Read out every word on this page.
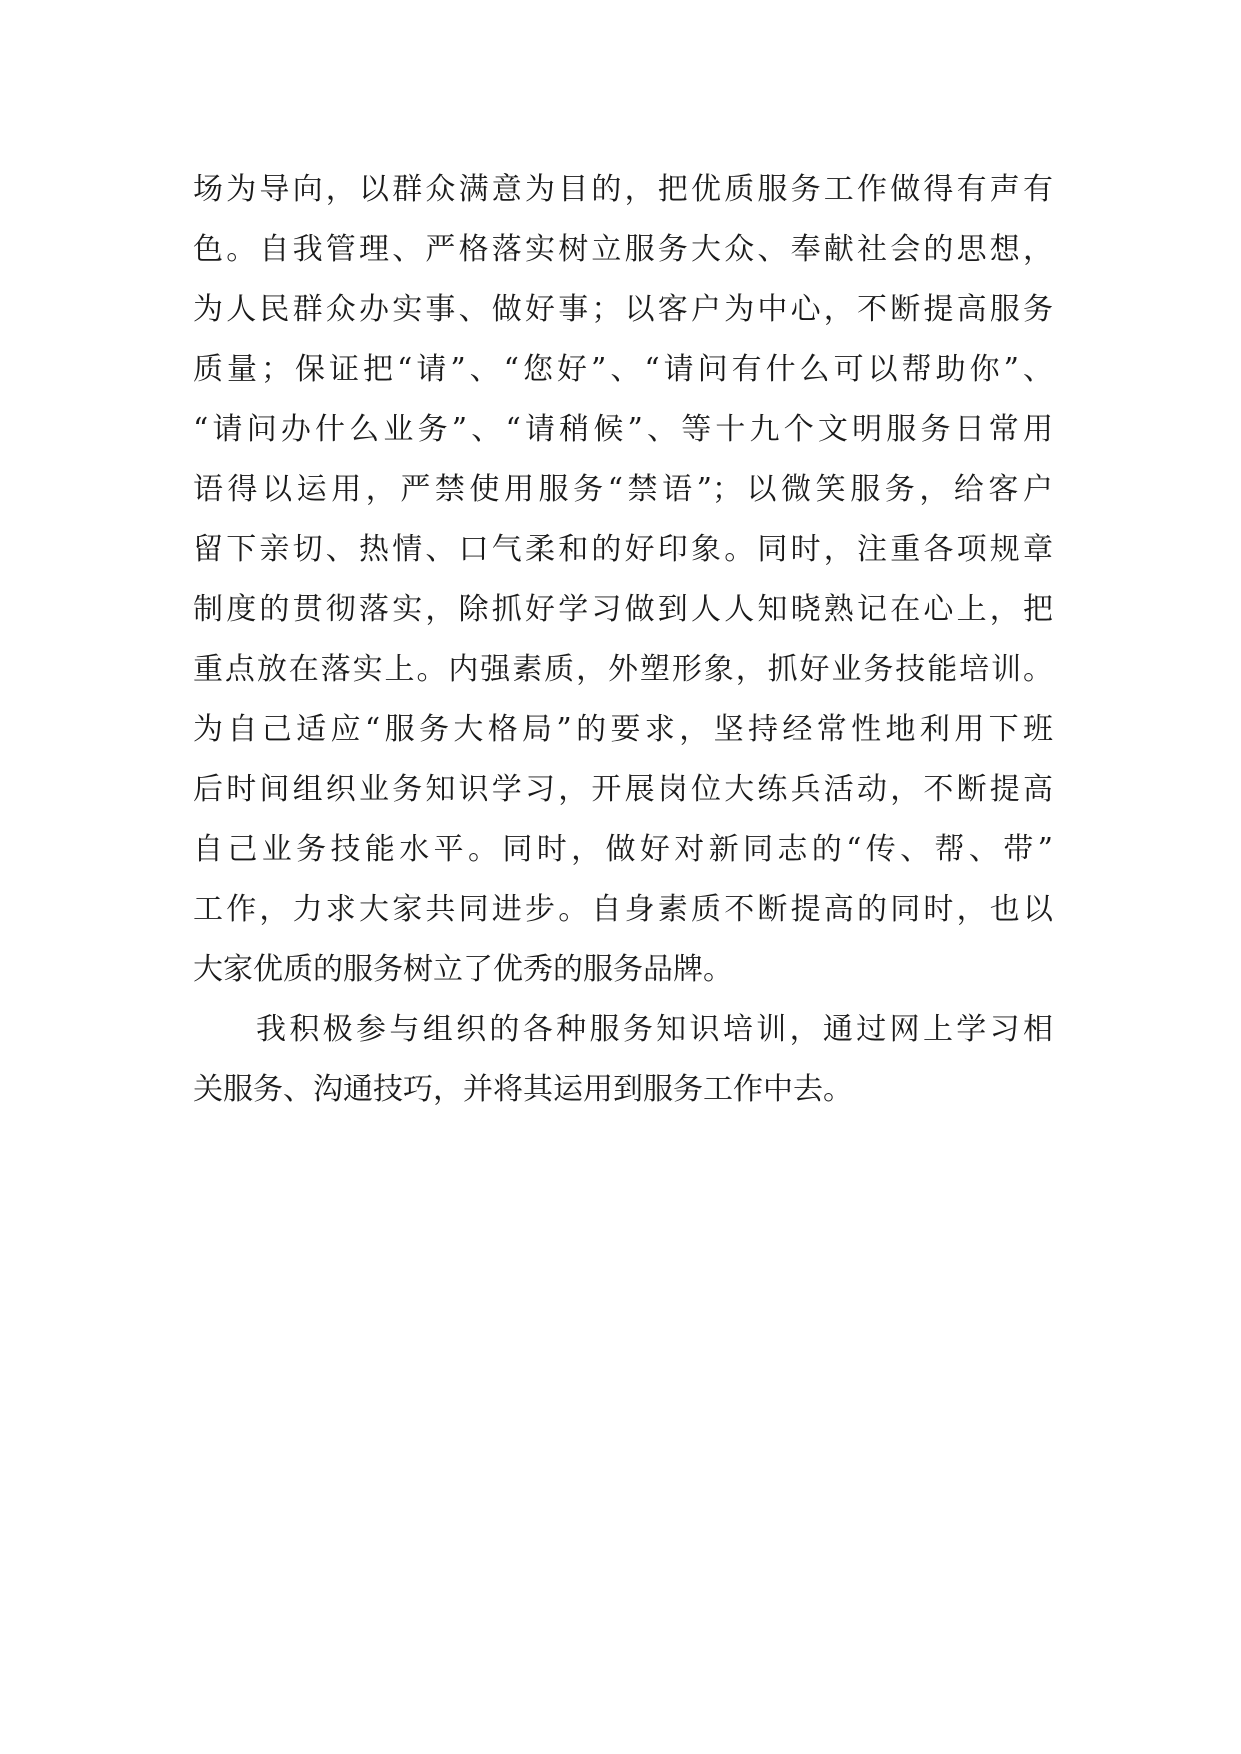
场为导向，以群众满意为目的，把优质服务工作做得有声有
色。自我管理、严格落实树立服务大众、奉献社会的思想，
为人民群众办实事、做好事；以客户为中心，不断提高服务
质量；保证把“请”、“您好”、“请问有什么可以帮助你”、
“请问办什么业务”、“请稍候”、等十九个文明服务日常用
语得以运用，严禁使用服务“禁语”；以微笑服务，给客户
留下亲切、热情、口气柔和的好印象。同时，注重各项规章
制度的贯彻落实，除抓好学习做到人人知晓熟记在心上，把
重点放在落实上。内强素质，外塑形象，抓好业务技能培训。
为自己适应“服务大格局”的要求，坚持经常性地利用下班
后时间组织业务知识学习，开展岗位大练兵活动，不断提高
自己业务技能水平。同时，做好对新同志的“传、帮、带”
工作，力求大家共同进步。自身素质不断提高的同时，也以
大家优质的服务树立了优秀的服务品牌。
我积极参与组织的各种服务知识培训，通过网上学习相
关服务、沟通技巧，并将其运用到服务工作中去。
